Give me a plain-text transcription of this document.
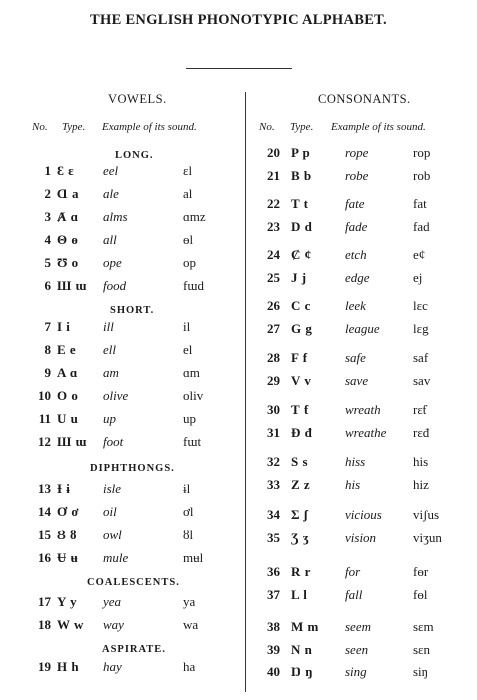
THE ENGLISH PHONOTYPIC ALPHABET.
VOWELS.	CONSONANTS.
No. Type. Example of its sound.	No. Type. Example of its sound.
LONG.
SHORT.
DIPHTHONGS.
COALESCENTS.
ASPIRATE.
1 Ɛ ɛ eel	ɛl
2 Ɑ a ale	al
3 Ⱥ ɑ alms	ɑmz
4 Θ ɵ all	ɵl
5 Ʊ o ope	op
6 Ш ɯ food	fɯd
7 I i	ill	il
8 E e ell	el
9 A ɑ am	ɑm
10 O o olive	oliv
11 U u up	up
12 Ш ɯ foot	fɯt
13 Ɨ ɨ	isle	ɨl
14 Ơ ơ oil	ơl
15 Ȣ ȣ owl	ȣl
16 Ʉ ʉ mule	mʉl
17 Y y yea	ya
18 W w way	wa
19 H h hay	ha
20 P p	rope	rop
21 B b	robe	rob
22 T t	fate	fat
23 D d	fade	fad
24 Ȼ ȼ	etch	eȼ
25 J j	edge	ej
26 C c	leek	lɛc
27 G g	league	lɛg
28 F f	safe	saf
29 V v	save	sav
30 Ƭ ƭ	wreath rɛƭ
31 Ɖ đ	wreathe rɛđ
32 S s	hiss	his
33 Z z	his	hiz
34 Σ ʃ	vicious viʃus
35 Ʒ ʒ	vision	viʒun
36 R r	for	fɵr
37 L l	fall	fɵl
38 M m seem	sɛm
39 N n	seen	sɛn
40 Ŋ ŋ sing	siŋ
